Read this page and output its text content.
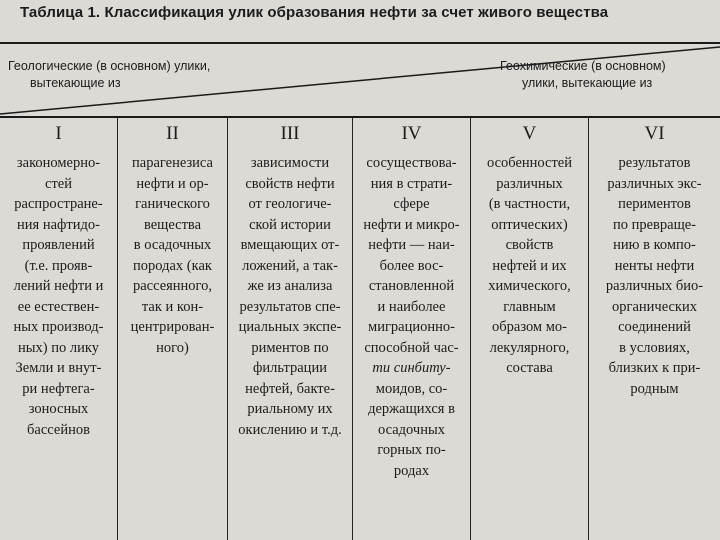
Таблица 1. Классификация улик образования нефти за счет живого вещества
Геологические (в основном) улики,
вытекающие из
Геохимические (в основном)
улики, вытекающие из
I
закономерно-
стей
распростране-
ния нафтидо-
проявлений
(т.е. прояв‑
лений нефти и
ее естествен-
ных производ-
ных) по лику
Земли и внут-
ри нефтега-
зоносных
бассейнов
II
парагенезиса
нефти и ор-
ганического
вещества
в осадочных
породах (как
рассеянного,
так и кон-
центрирован-
ного)
III
зависимости
свойств нефти
от геологиче-
ской истории
вмещающих от-
ложений, а так-
же из анализа
результатов спе-
циальных экспе-
риментов по
фильтрации
нефтей, бакте-
риальному их
окислению и т.д.
IV
сосуществова-
ния в страти-
сфере
нефти и микро-
нефти — наи-
более вос-
становленной
и наиболее
миграционно-
способной час-
ти синбиту-
моидов, со-
держащихся в
осадочных
горных по-
родах
V
особенностей
различных
(в частности,
оптических)
свойств
нефтей и их
химического,
главным
образом мо-
лекулярного,
состава
VI
результатов
различных экс-
периментов
по превраще-
нию в компо-
ненты нефти
различных био-
органических
соединений
в условиях,
близких к при-
родным
